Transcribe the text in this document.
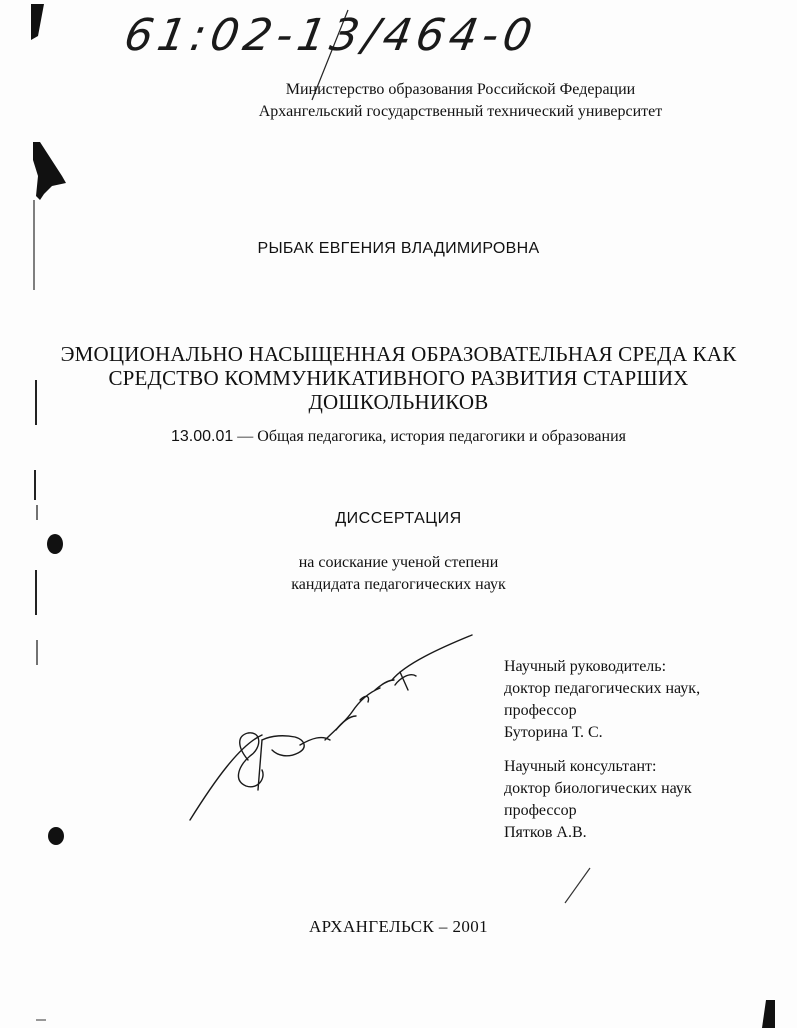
61:02-13/464-0
Министерство образования Российской Федерации
Архангельский государственный технический университет
РЫБАК ЕВГЕНИЯ ВЛАДИМИРОВНА
ЭМОЦИОНАЛЬНО НАСЫЩЕННАЯ ОБРАЗОВАТЕЛЬНАЯ СРЕДА КАК
СРЕДСТВО КОММУНИКАТИВНОГО РАЗВИТИЯ СТАРШИХ
ДОШКОЛЬНИКОВ
13.00.01 — Общая педагогика, история педагогики и образования
ДИССЕРТАЦИЯ
на соискание ученой степени
кандидата педагогических наук
Научный руководитель:
доктор педагогических наук,
профессор
Буторина Т. С.
Научный консультант:
доктор биологических наук
профессор
Пятков А.В.
АРХАНГЕЛЬСК – 2001
